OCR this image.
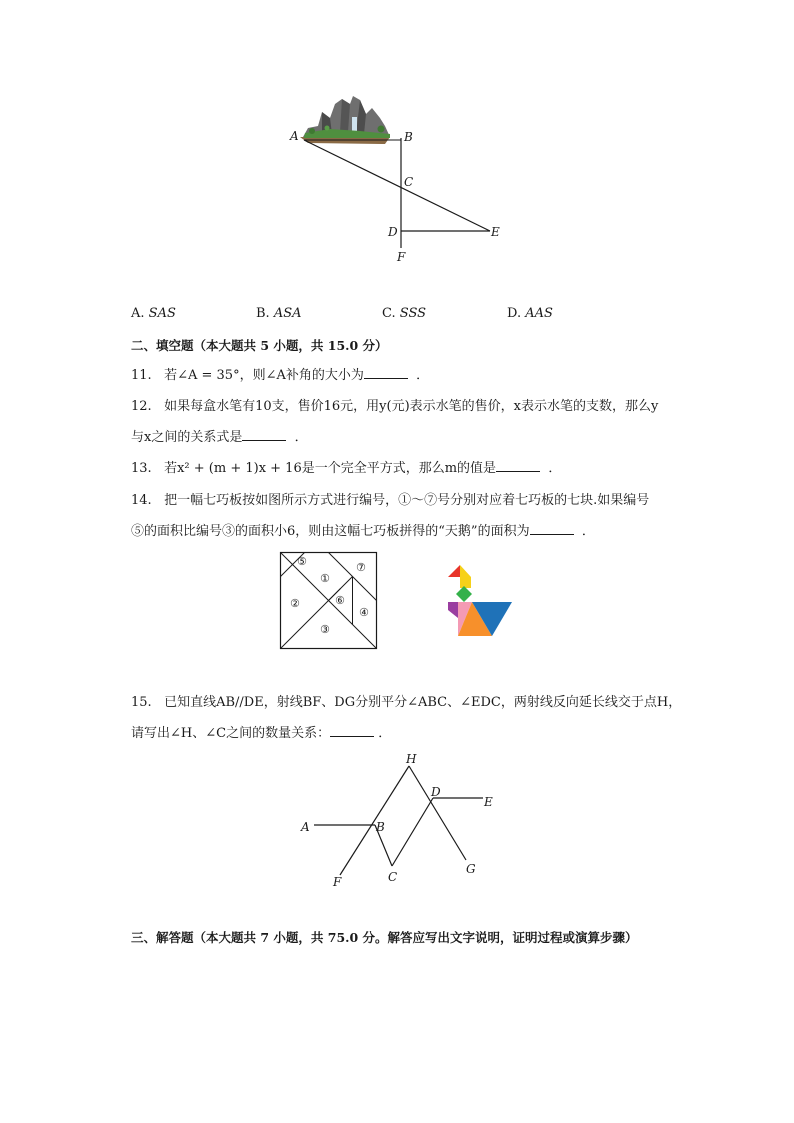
A	B
C
D	E
F
A. SAS	B. ASA	C. SSS	D. AAS
二、填空题（本大题共 5 小题，共 15.0 分）
11. 若∠A = 35°，则∠A补角的大小为	．
12. 如果每盒水笔有10支，售价16元，用y(元)表示水笔的售价，x表示水笔的支数，那么y
与x之间的关系式是	．
13. 若x² + (m + 1)x + 16是一个完全平方式，那么m的值是	．
14. 把一幅七巧板按如图所示方式进行编号，①～⑦号分别对应着七巧板的七块.如果编号
⑤的面积比编号③的面积小6，则由这幅七巧板拼得的“天鹅”的面积为	．
⑤
①
⑦
②	⑥
④
③
15. 已知直线AB//DE，射线BF、DG分别平分∠ABC、∠EDC，两射线反向延长线交于点H，
请写出∠H、∠C之间的数量关系：	．
H
D
E
A	B
F	C
G
三、解答题（本大题共 7 小题，共 75.0 分。解答应写出文字说明，证明过程或演算步骤）
